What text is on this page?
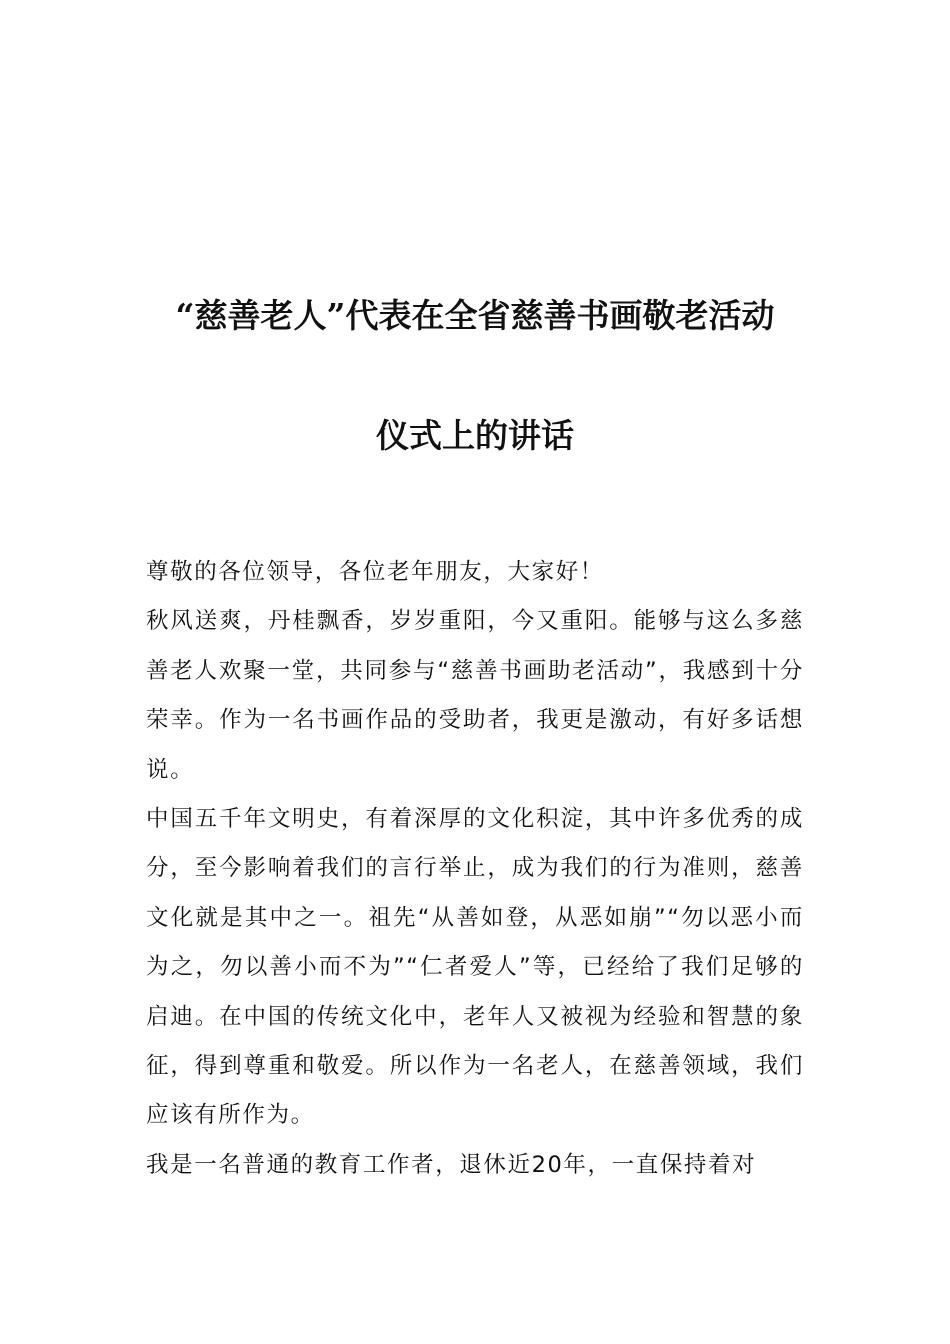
“慈善老人”代表在全省慈善书画敬老活动
仪式上的讲话

尊敬的各位领导，各位老年朋友，大家好！

秋风送爽，丹桂飘香，岁岁重阳，今又重阳。能够与这么多慈善老人欢聚一堂，共同参与“慈善书画助老活动”，我感到十分荣幸。作为一名书画作品的受助者，我更是激动，有好多话想说。

中国五千年文明史，有着深厚的文化积淀，其中许多优秀的成分，至今影响着我们的言行举止，成为我们的行为准则，慈善文化就是其中之一。祖先“从善如登，从恶如崩”“勿以恶小而为之，勿以善小而不为”“仁者爱人”等，已经给了我们足够的启迪。在中国的传统文化中，老年人又被视为经验和智慧的象征，得到尊重和敬爱。所以作为一名老人，在慈善领域，我们应该有所作为。

我是一名普通的教育工作者，退休近20年，一直保持着对
